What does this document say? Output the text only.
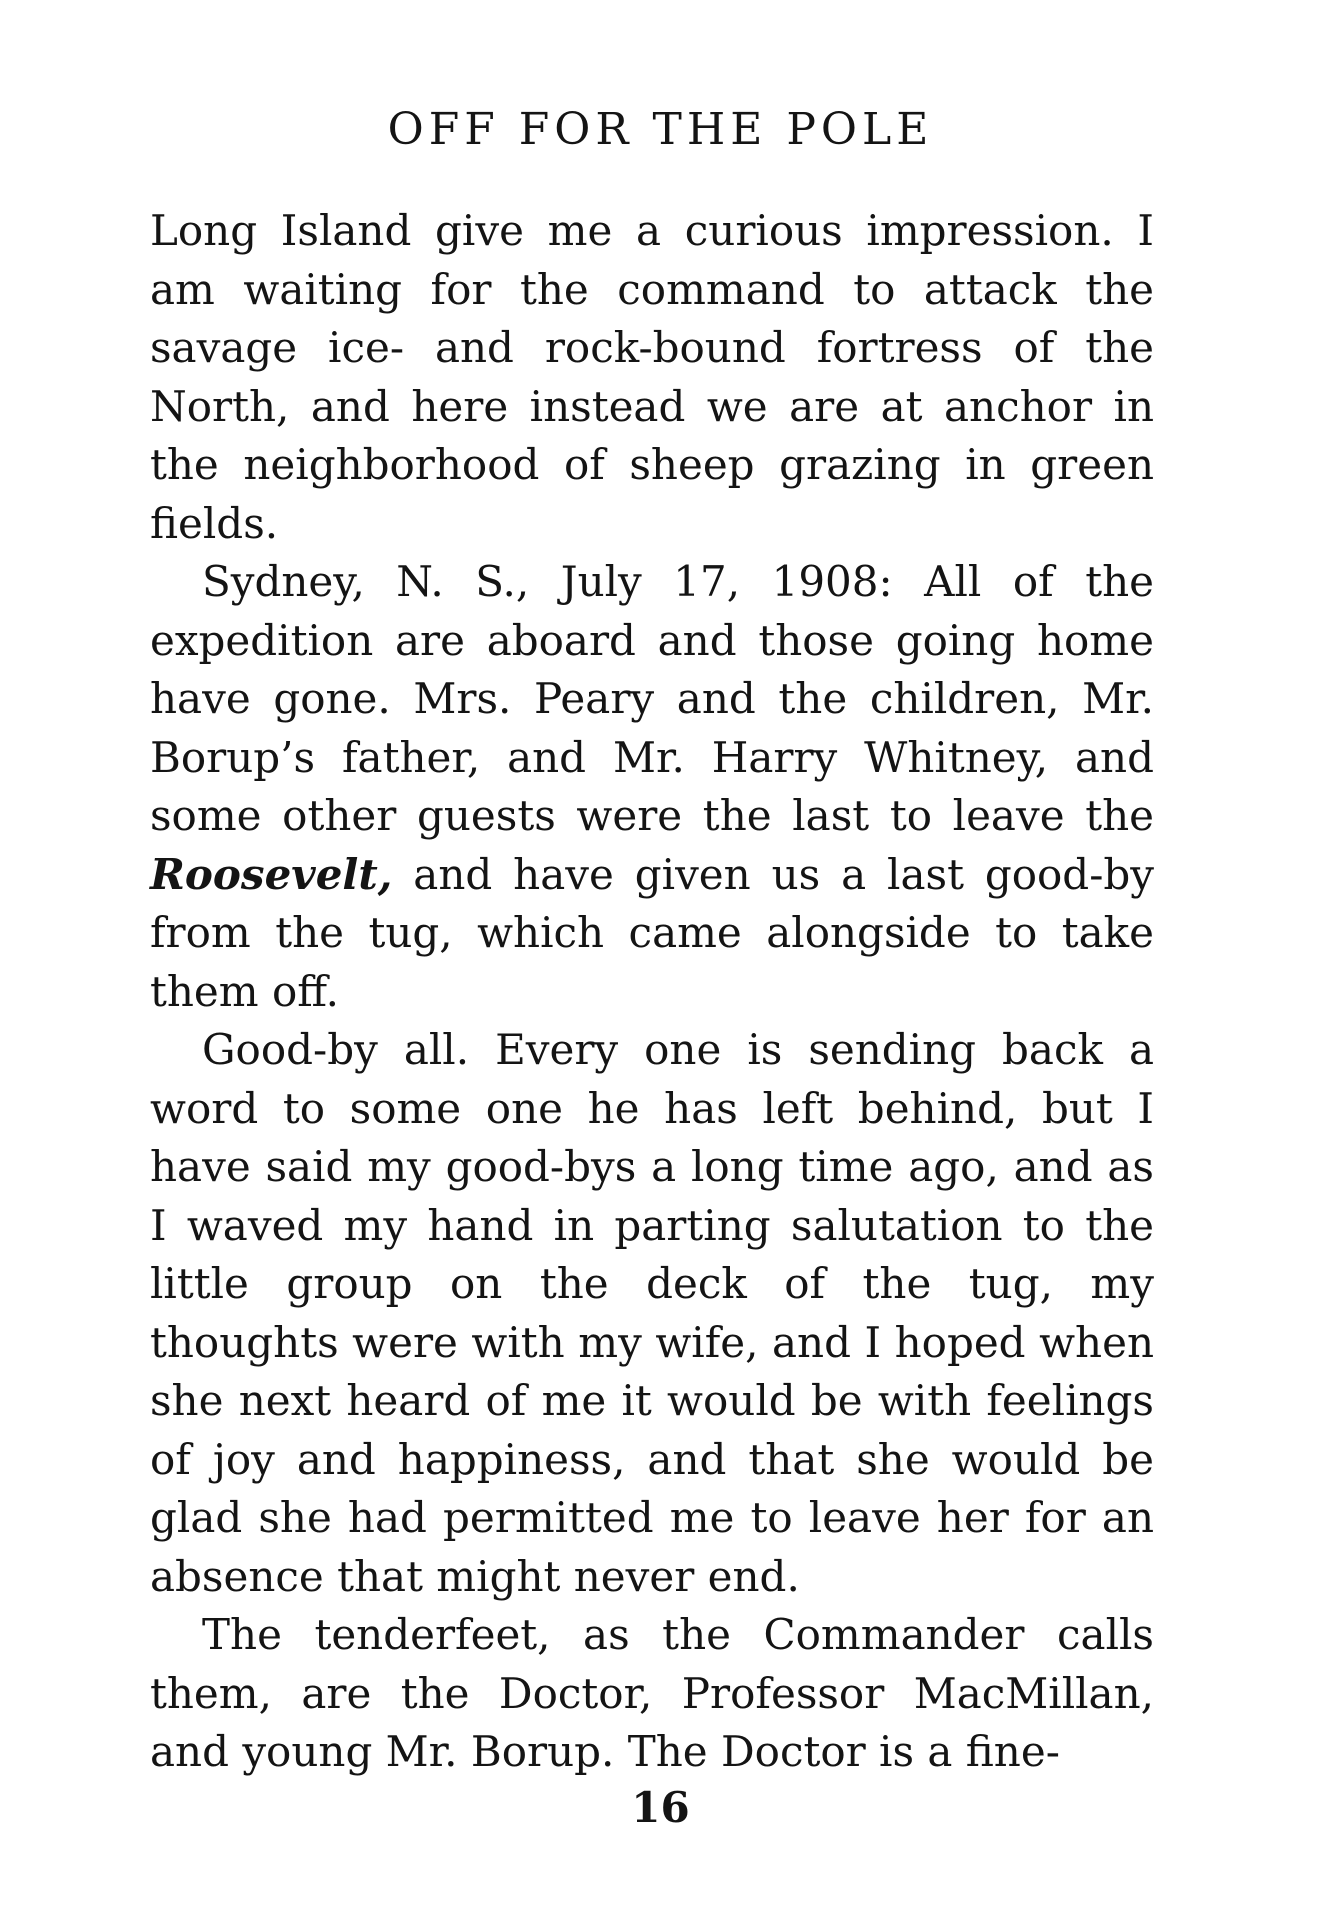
OFF FOR THE POLE

Long Island give me a curious impression. I am waiting for the command to attack the savage ice- and rock-bound fortress of the North, and here instead we are at anchor in the neighborhood of sheep grazing in green fields.

Sydney, N. S., July 17, 1908: All of the expedition are aboard and those going home have gone. Mrs. Peary and the children, Mr. Borup’s father, and Mr. Harry Whitney, and some other guests were the last to leave the Roosevelt, and have given us a last good-by from the tug, which came alongside to take them off.

Good-by all. Every one is sending back a word to some one he has left behind, but I have said my good-bys a long time ago, and as I waved my hand in parting salutation to the little group on the deck of the tug, my thoughts were with my wife, and I hoped when she next heard of me it would be with feelings of joy and happiness, and that she would be glad she had permitted me to leave her for an absence that might never end.

The tenderfeet, as the Commander calls them, are the Doctor, Professor MacMillan, and young Mr. Borup. The Doctor is a fine-

16
